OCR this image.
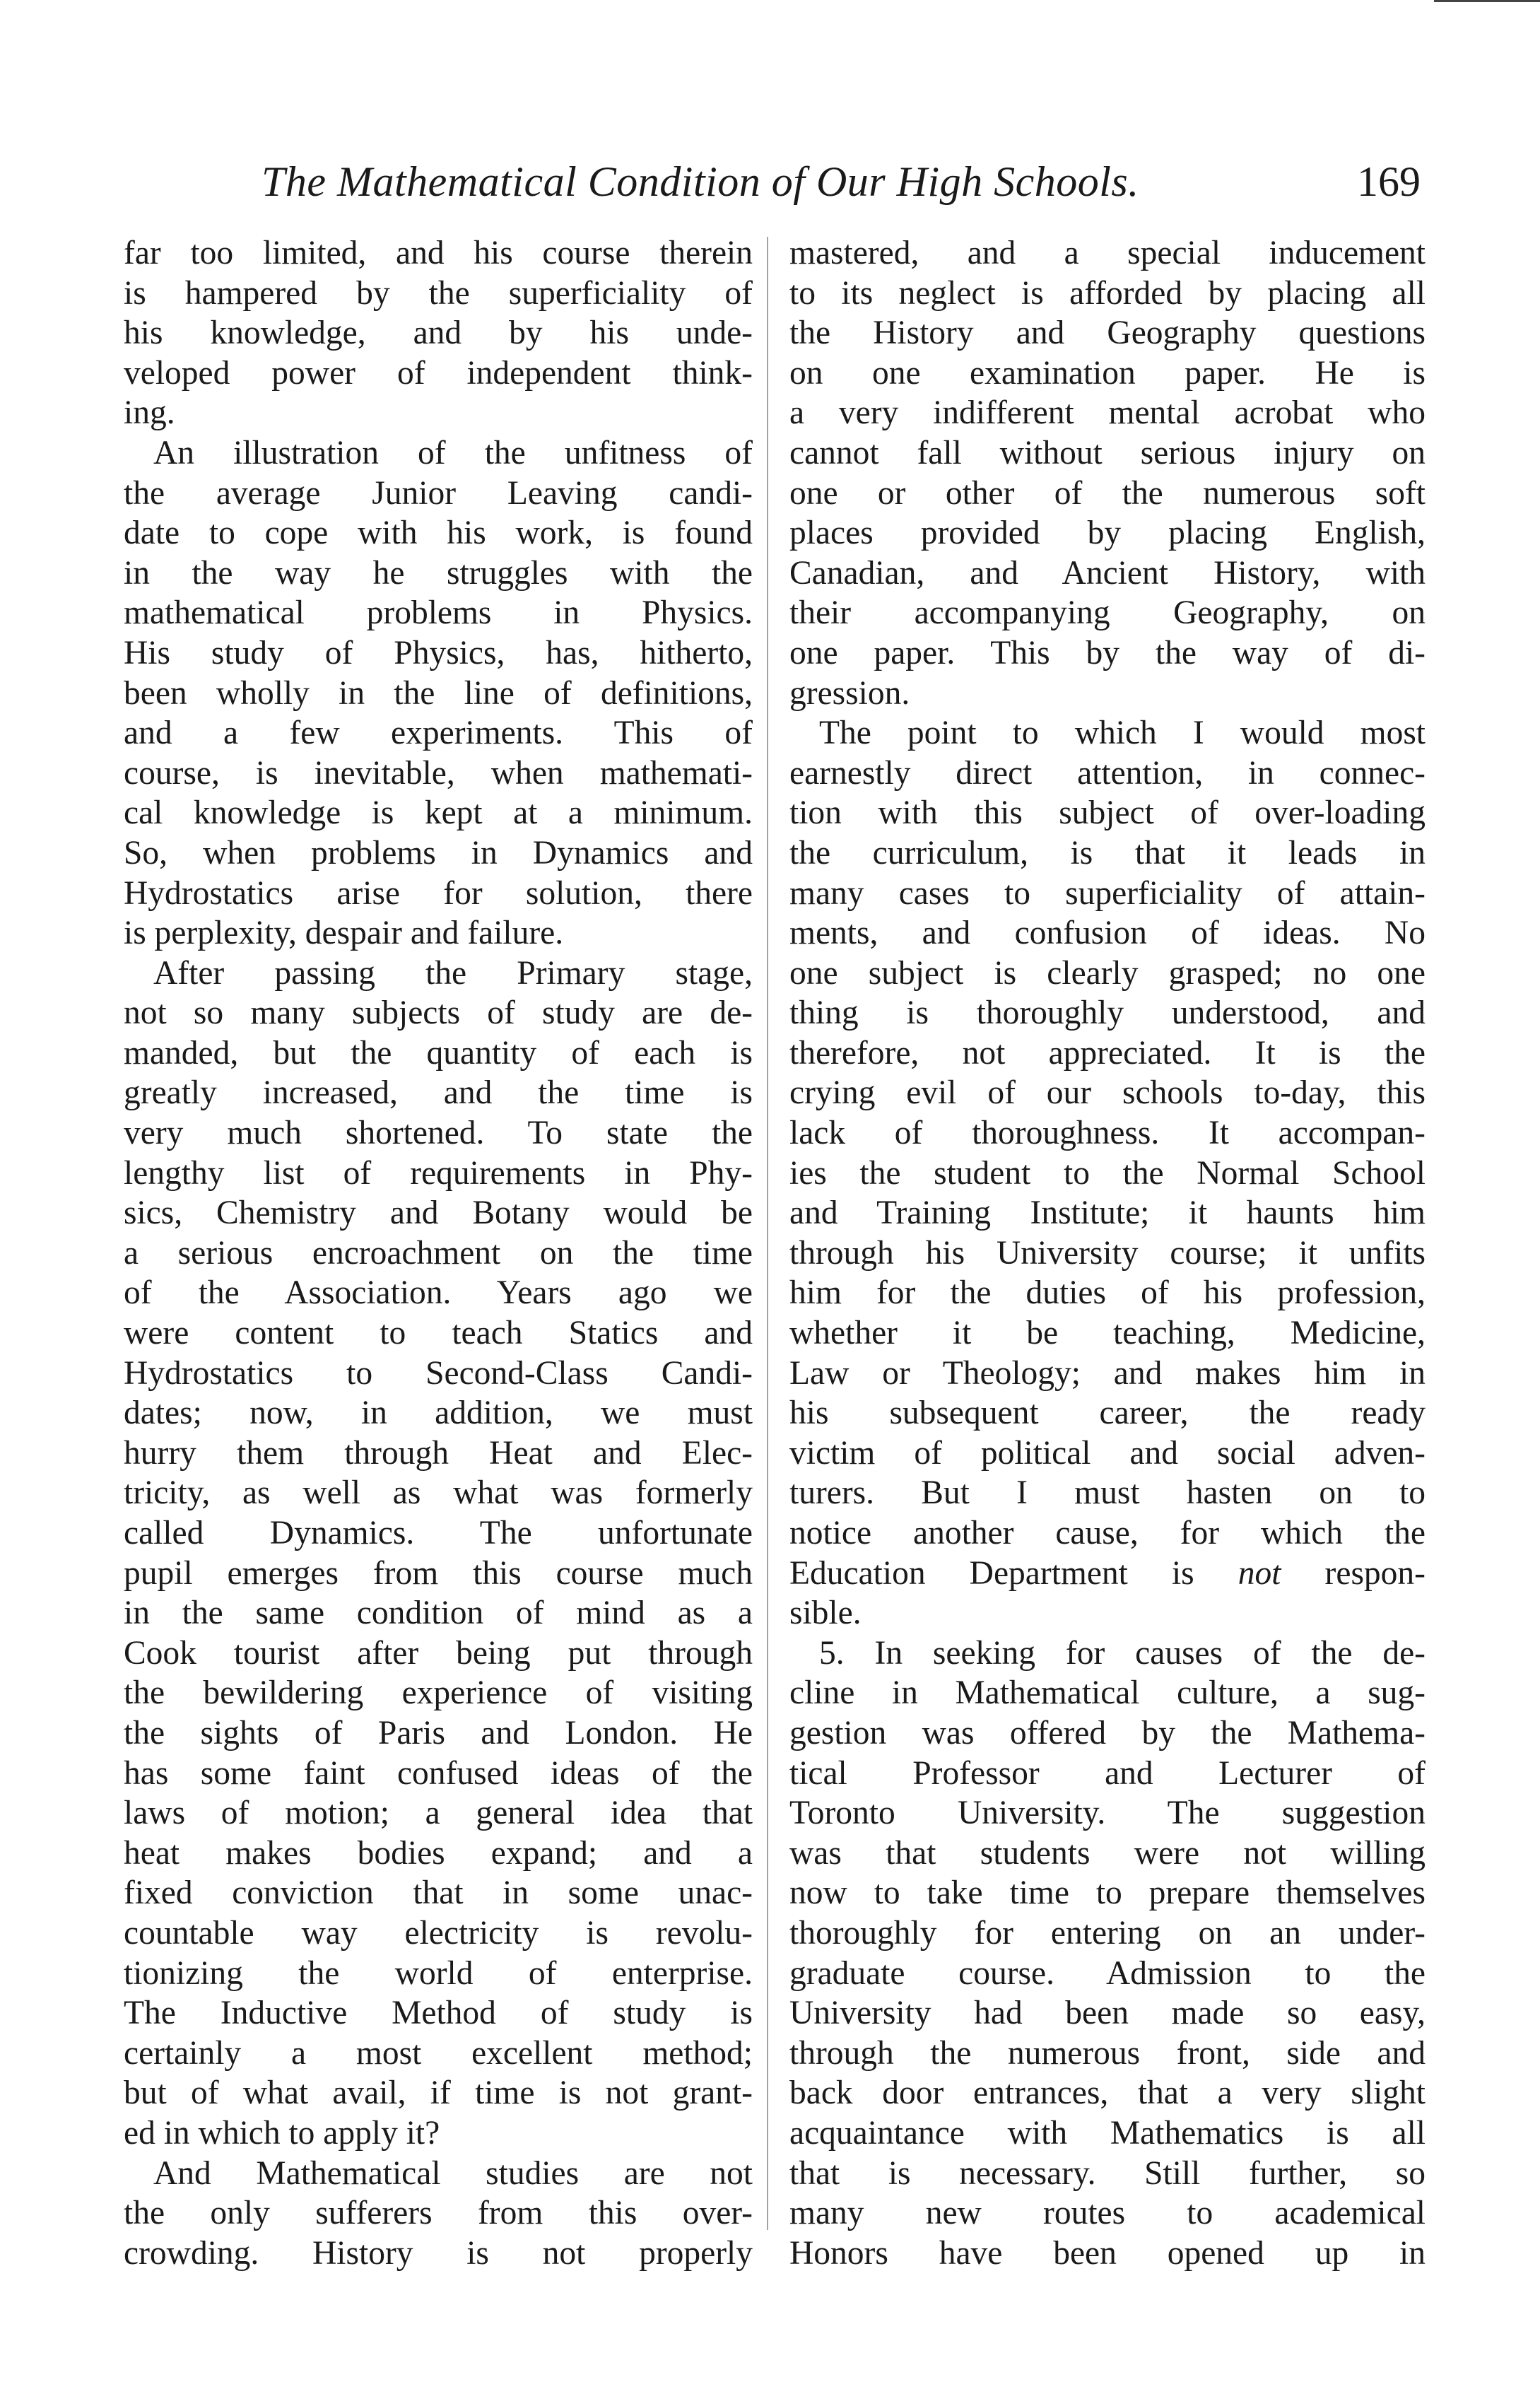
The Mathematical Condition of Our High Schools.	169
far too limited, and his course therein
is hampered by the superficiality of
his knowledge, and by his unde-
veloped power of independent think-
ing.
An illustration of the unfitness of
the average Junior Leaving candi-
date to cope with his work, is found
in the way he struggles with the
mathematical problems in Physics.
His study of Physics, has, hitherto,
been wholly in the line of definitions,
and a few experiments. This of
course, is inevitable, when mathemati-
cal knowledge is kept at a minimum.
So, when problems in Dynamics and
Hydrostatics arise for solution, there
is perplexity, despair and failure.
After passing the Primary stage,
not so many subjects of study are de-
manded, but the quantity of each is
greatly increased, and the time is
very much shortened. To state the
lengthy list of requirements in Phy-
sics, Chemistry and Botany would be
a serious encroachment on the time
of the Association. Years ago we
were content to teach Statics and
Hydrostatics to Second-Class Candi-
dates; now, in addition, we must
hurry them through Heat and Elec-
tricity, as well as what was formerly
called Dynamics. The unfortunate
pupil emerges from this course much
in the same condition of mind as a
Cook tourist after being put through
the bewildering experience of visiting
the sights of Paris and London. He
has some faint confused ideas of the
laws of motion; a general idea that
heat makes bodies expand; and a
fixed conviction that in some unac-
countable way electricity is revolu-
tionizing the world of enterprise.
The Inductive Method of study is
certainly a most excellent method;
but of what avail, if time is not grant-
ed in which to apply it?
And Mathematical studies are not
the only sufferers from this over-
crowding. History is not properly
mastered, and a special inducement
to its neglect is afforded by placing all
the History and Geography questions
on one examination paper. He is
a very indifferent mental acrobat who
cannot fall without serious injury on
one or other of the numerous soft
places provided by placing English,
Canadian, and Ancient History, with
their accompanying Geography, on
one paper. This by the way of di-
gression.
The point to which I would most
earnestly direct attention, in connec-
tion with this subject of over-loading
the curriculum, is that it leads in
many cases to superficiality of attain-
ments, and confusion of ideas. No
one subject is clearly grasped; no one
thing is thoroughly understood, and
therefore, not appreciated. It is the
crying evil of our schools to-day, this
lack of thoroughness. It accompan-
ies the student to the Normal School
and Training Institute; it haunts him
through his University course; it unfits
him for the duties of his profession,
whether it be teaching, Medicine,
Law or Theology; and makes him in
his subsequent career, the ready
victim of political and social adven-
turers. But I must hasten on to
notice another cause, for which the
Education Department is not respon-
sible.
5. In seeking for causes of the de-
cline in Mathematical culture, a sug-
gestion was offered by the Mathema-
tical Professor and Lecturer of
Toronto University. The suggestion
was that students were not willing
now to take time to prepare themselves
thoroughly for entering on an under-
graduate course. Admission to the
University had been made so easy,
through the numerous front, side and
back door entrances, that a very slight
acquaintance with Mathematics is all
that is necessary. Still further, so
many new routes to academical
Honors have been opened up in
